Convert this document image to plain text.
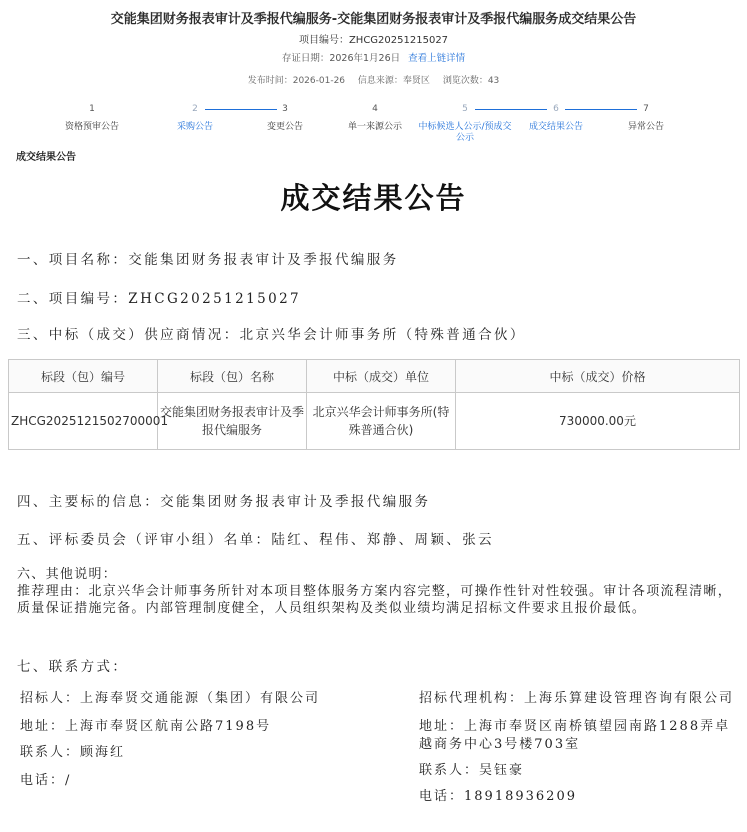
交能集团财务报表审计及季报代编服务-交能集团财务报表审计及季报代编服务成交结果公告
项目编号：ZHCG20251215027
存证日期：2026年1月26日 查看上链详情
发布时间：2026-01-26 信息来源：奉贤区 浏览次数：43
1
资格预审公告
2
采购公告
3
变更公告
4
单一来源公示
5
中标候选人公示/预成交公示
6
成交结果公告
7
异常公告
成交结果公告
成交结果公告
一、项目名称：交能集团财务报表审计及季报代编服务
二、项目编号：ZHCG20251215027
三、中标（成交）供应商情况：北京兴华会计师事务所（特殊普通合伙）
标段（包）编号	标段（包）名称	中标（成交）单位	中标（成交）价格
ZHCG2025121502700001	交能集团财务报表审计及季报代编服务	北京兴华会计师事务所(特殊普通合伙)	730000.00元
四、主要标的信息：交能集团财务报表审计及季报代编服务
五、评标委员会（评审小组）名单：陆红、程伟、郑静、周颖、张云
六、其他说明：
推荐理由：北京兴华会计师事务所针对本项目整体服务方案内容完整，可操作性针对性较强。审计各项流程清晰，质量保证措施完备。内部管理制度健全，人员组织架构及类似业绩均满足招标文件要求且报价最低。
七、联系方式：
招标人：上海奉贤交通能源（集团）有限公司
地址：上海市奉贤区航南公路7198号
联系人：顾海红
电话：/
招标代理机构：上海乐算建设管理咨询有限公司
地址：上海市奉贤区南桥镇望园南路1288弄卓越商务中心3号楼703室
联系人：吴钰豪
电话：18918936209
